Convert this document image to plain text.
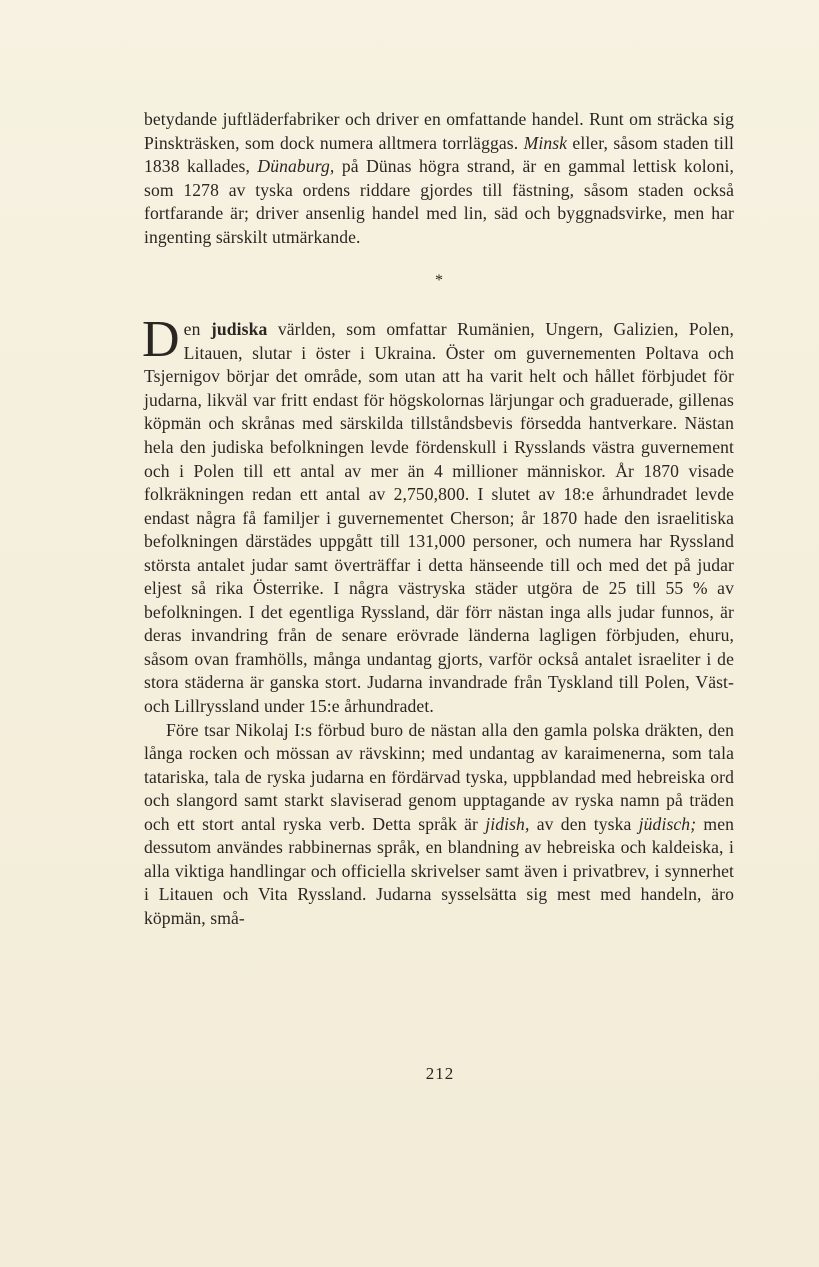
betydande juftläderfabriker och driver en omfattande handel. Runt om sträcka sig Pinskträsken, som dock numera alltmera torrläggas. Minsk eller, såsom staden till 1838 kallades, Dünaburg, på Dünas högra strand, är en gammal lettisk koloni, som 1278 av tyska ordens riddare gjordes till fästning, såsom staden också fortfarande är; driver ansenlig handel med lin, säd och byggnadsvirke, men har ingenting särskilt utmärkande.

*

Den judiska världen, som omfattar Rumänien, Ungern, Galizien, Polen, Litauen, slutar i öster i Ukraina. Öster om guvernementen Poltava och Tsjernigov börjar det område, som utan att ha varit helt och hållet förbjudet för judarna, likväl var fritt endast för högskolornas lärjungar och graduerade, gillenas köpmän och skrånas med särskilda tillståndsbevis försedda hantverkare. Nästan hela den judiska befolkningen levde fördenskull i Rysslands västra guvernement och i Polen till ett antal av mer än 4 millioner människor. År 1870 visade folkräkningen redan ett antal av 2,750,800. I slutet av 18:e århundradet levde endast några få familjer i guvernementet Cherson; år 1870 hade den israelitiska befolkningen därstädes uppgått till 131,000 personer, och numera har Ryssland största antalet judar samt överträffar i detta hänseende till och med det på judar eljest så rika Österrike. I några västryska städer utgöra de 25 till 55 % av befolkningen. I det egentliga Ryssland, där förr nästan inga alls judar funnos, är deras invandring från de senare erövrade länderna lagligen förbjuden, ehuru, såsom ovan framhölls, många undantag gjorts, varför också antalet israeliter i de stora städerna är ganska stort. Judarna invandrade från Tyskland till Polen, Väst- och Lillryssland under 15:e århundradet.

Före tsar Nikolaj I:s förbud buro de nästan alla den gamla polska dräkten, den långa rocken och mössan av rävskinn; med undantag av karaimenerna, som tala tatariska, tala de ryska judarna en fördärvad tyska, uppblandad med hebreiska ord och slangord samt starkt slaviserad genom upptagande av ryska namn på träden och ett stort antal ryska verb. Detta språk är jidish, av den tyska jüdisch; men dessutom användes rabbinernas språk, en blandning av hebreiska och kaldeiska, i alla viktiga handlingar och officiella skrivelser samt även i privatbrev, i synnerhet i Litauen och Vita Ryssland. Judarna sysselsätta sig mest med handeln, äro köpmän, små-

212
